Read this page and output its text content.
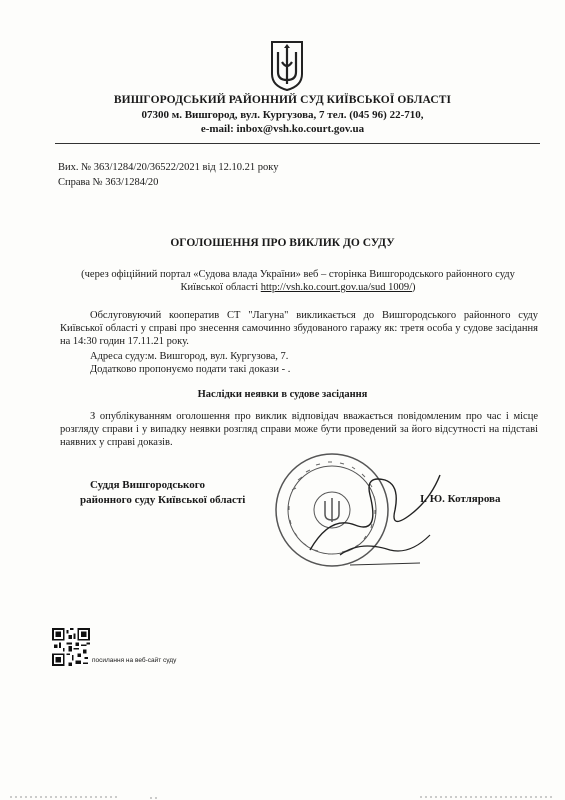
ВИШГОРОДСЬКИЙ РАЙОННИЙ СУД КИЇВСЬКОЇ ОБЛАСТІ
07300 м. Вишгород, вул. Кургузова, 7 тел. (045 96) 22-710,
e-mail: inbox@vsh.ko.court.gov.ua
Вих. № 363/1284/20/36522/2021 від 12.10.21 року
Справа № 363/1284/20
ОГОЛОШЕННЯ ПРО ВИКЛИК ДО СУДУ
(через офіційний портал «Судова влада України» веб – сторінка Вишгородського районного суду Київської області http://vsh.ko.court.gov.ua/sud 1009/)
Обслуговуючий кооператив СТ "Лагуна" викликається до Вишгородського районного суду Київської області у справі про знесення самочинно збудованого гаражу як: третя особа у судове засідання на 14:30 годин 17.11.21 року.
Адреса суду:м. Вишгород, вул. Кургузова, 7.
Додатково пропонуємо подати такі докази - .
Наслідки неявки в судове засідання
З опублікуванням оголошення про виклик відповідач вважається повідомленим про час і місце розгляду справи і у випадку неявки розгляд справи може бути проведений за його відсутності на підставі наявних у справі доказів.
Суддя Вишгородського
районного суду Київської області	І. Ю. Котлярова
посилання на веб-сайт суду
